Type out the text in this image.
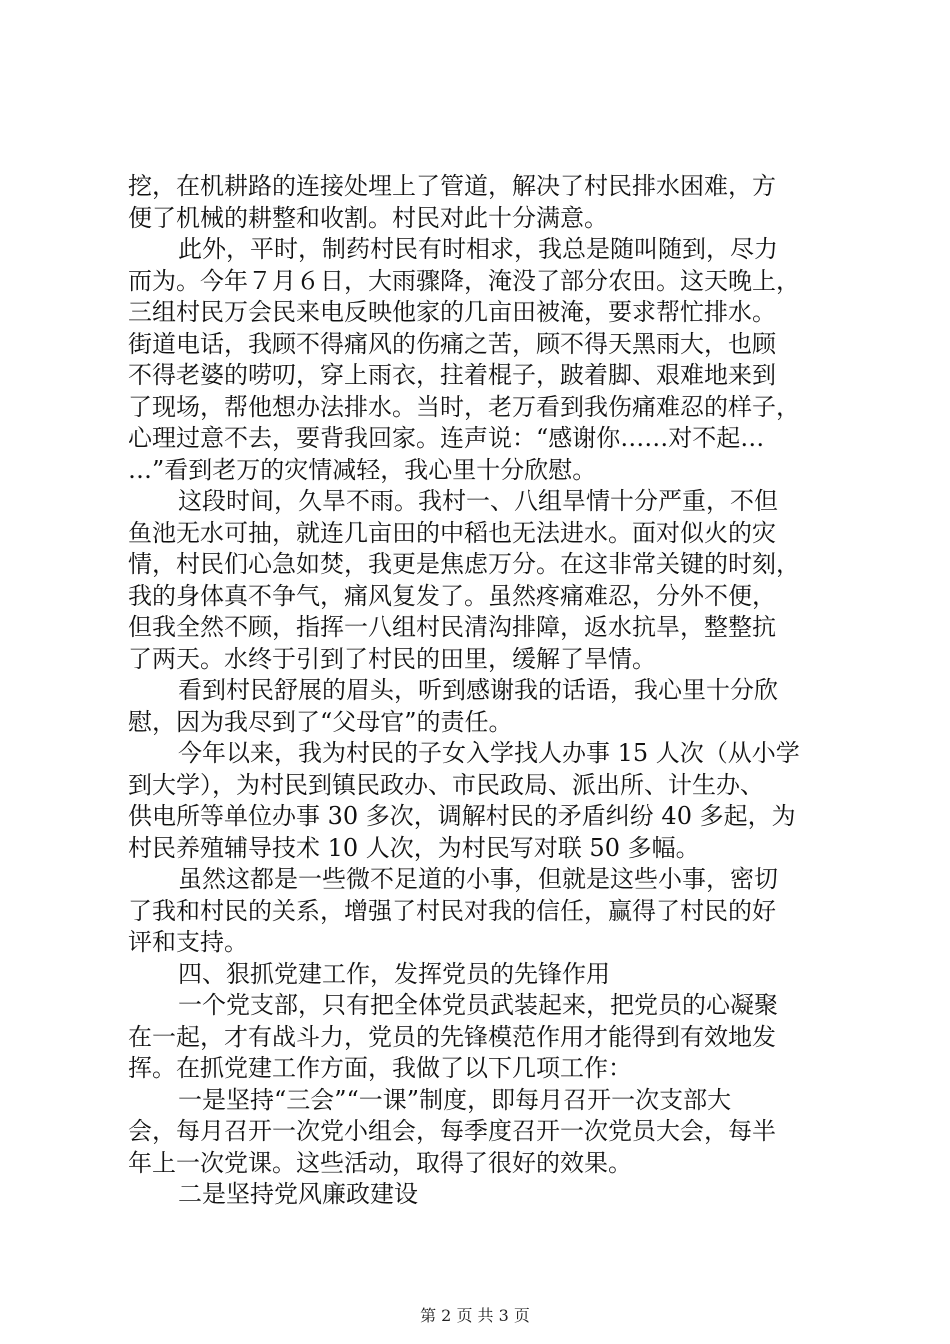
挖，在机耕路的连接处埋上了管道，解决了村民排水困难，方
便了机械的耕整和收割。村民对此十分满意。
此外，平时，制药村民有时相求，我总是随叫随到，尽力
而为。今年７月６日，大雨骤降，淹没了部分农田。这天晚上，
三组村民万会民来电反映他家的几亩田被淹，要求帮忙排水。
街道电话，我顾不得痛风的伤痛之苦，顾不得天黑雨大，也顾
不得老婆的唠叨，穿上雨衣，拄着棍子，跛着脚、艰难地来到
了现场，帮他想办法排水。当时，老万看到我伤痛难忍的样子，
心理过意不去，要背我回家。连声说：“感谢你……对不起…
…”看到老万的灾情减轻，我心里十分欣慰。
这段时间，久旱不雨。我村一、八组旱情十分严重，不但
鱼池无水可抽，就连几亩田的中稻也无法进水。面对似火的灾
情，村民们心急如焚，我更是焦虑万分。在这非常关键的时刻，
我的身体真不争气，痛风复发了。虽然疼痛难忍，分外不便，
但我全然不顾，指挥一八组村民清沟排障，返水抗旱，整整抗
了两天。水终于引到了村民的田里，缓解了旱情。
看到村民舒展的眉头，听到感谢我的话语，我心里十分欣
慰，因为我尽到了“父母官”的责任。
今年以来，我为村民的子女入学找人办事 15 人次（从小学
到大学），为村民到镇民政办、市民政局、派出所、计生办、
供电所等单位办事 30 多次，调解村民的矛盾纠纷 40 多起，为
村民养殖辅导技术 10 人次，为村民写对联 50 多幅。
虽然这都是一些微不足道的小事，但就是这些小事，密切
了我和村民的关系，增强了村民对我的信任，赢得了村民的好
评和支持。
四、狠抓党建工作，发挥党员的先锋作用
一个党支部，只有把全体党员武装起来，把党员的心凝聚
在一起，才有战斗力，党员的先锋模范作用才能得到有效地发
挥。在抓党建工作方面，我做了以下几项工作：
一是坚持“三会”“一课”制度，即每月召开一次支部大
会，每月召开一次党小组会，每季度召开一次党员大会，每半
年上一次党课。这些活动，取得了很好的效果。
二是坚持党风廉政建设
第 2 页 共 3 页
